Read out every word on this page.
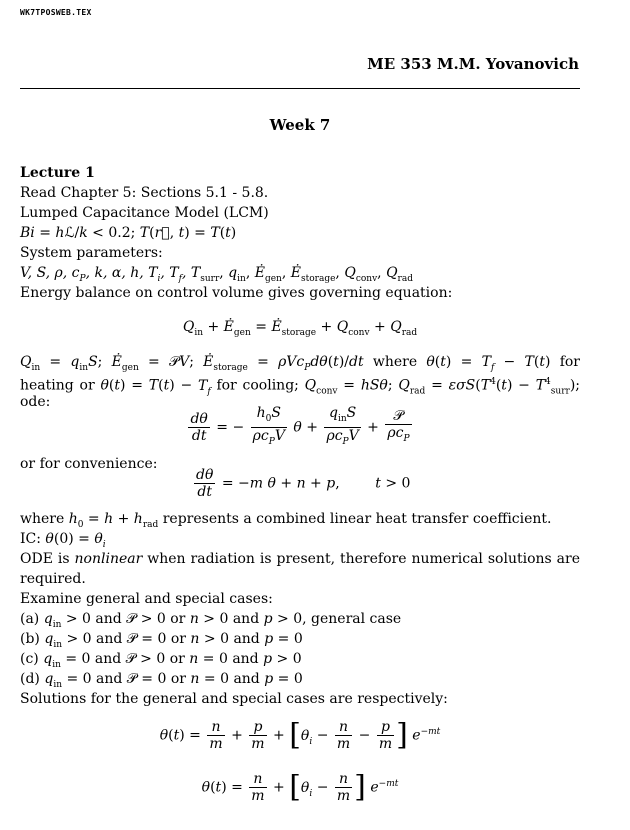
WK7TPOSWEB.TEX
ME 353 M.M. Yovanovich
Week 7
Lecture 1
Read Chapter 5: Sections 5.1 - 5.8.
Lumped Capacitance Model (LCM)
Bi = hℒ/k < 0.2; T(r⃗, t) = T(t)
System parameters:
V, S, ρ, $c_P$, k, α, h, $T_i$, $T_f$, $T_{surr}$, $q_{in}$, $Ė_{gen}$, $Ė_{storage}$, $Q_{conv}$, $Q_{rad}$
Energy balance on control volume gives governing equation:
$Q_{in}$ + $Ė_{gen}$ = $Ė_{storage} + Q_{conv} + Q_{rad}$
$Q_{in} = q_{in}S$; $Ė_{gen}$ = 𝒫V; $Ė_{storage} = \rho Vc_Pd\theta(t)/dt$ where $\theta(t) = T_f - T(t)$ for
heating or $\theta(t) = T(t) - T_f$ for cooling; $Q_{conv} = hS\theta$; $Q_{rad} = \varepsilon\sigma S(T^4(t) - T^4_{surr})$;
ode:
$\frac{d\theta}{dt}$ = − $\frac{h_0S}{\rho c_PV}$ $\theta + \frac{q_{in}S}{\rho c_PV} + \frac{\text{𝒫}}{\rho c_P}$
or for convenience:
$\frac{d\theta}{dt} = -m$ θ + n + p,        t > 0
where $h_0 = h + h_{rad}$ represents a combined linear heat transfer coefficient.
IC: $\theta(0) = \theta_i$
ODE is nonlinear when radiation is present, therefore numerical solutions are
required.
Examine general and special cases:
(a) $q_{in} > 0$ and 𝒫 > 0 or n > 0 and p > 0, general case
(b) $q_{in} > 0$ and 𝒫 = 0 or n > 0 and p = 0
(c) $q_{in} = 0$ and 𝒫 > 0 or n = 0 and p > 0
(d) $q_{in} = 0$ and 𝒫 = 0 or n = 0 and p = 0
Solutions for the general and special cases are respectively:
$\theta(t) = \frac{n}{m} + \frac{p}{m} + [\theta_i - \frac{n}{m} - \frac{p}{m}$ ] $e^{-mt}$
$\theta(t) = \frac{n}{m} + [\theta_i - \frac{n}{m}$ ] $e^{-mt}$
